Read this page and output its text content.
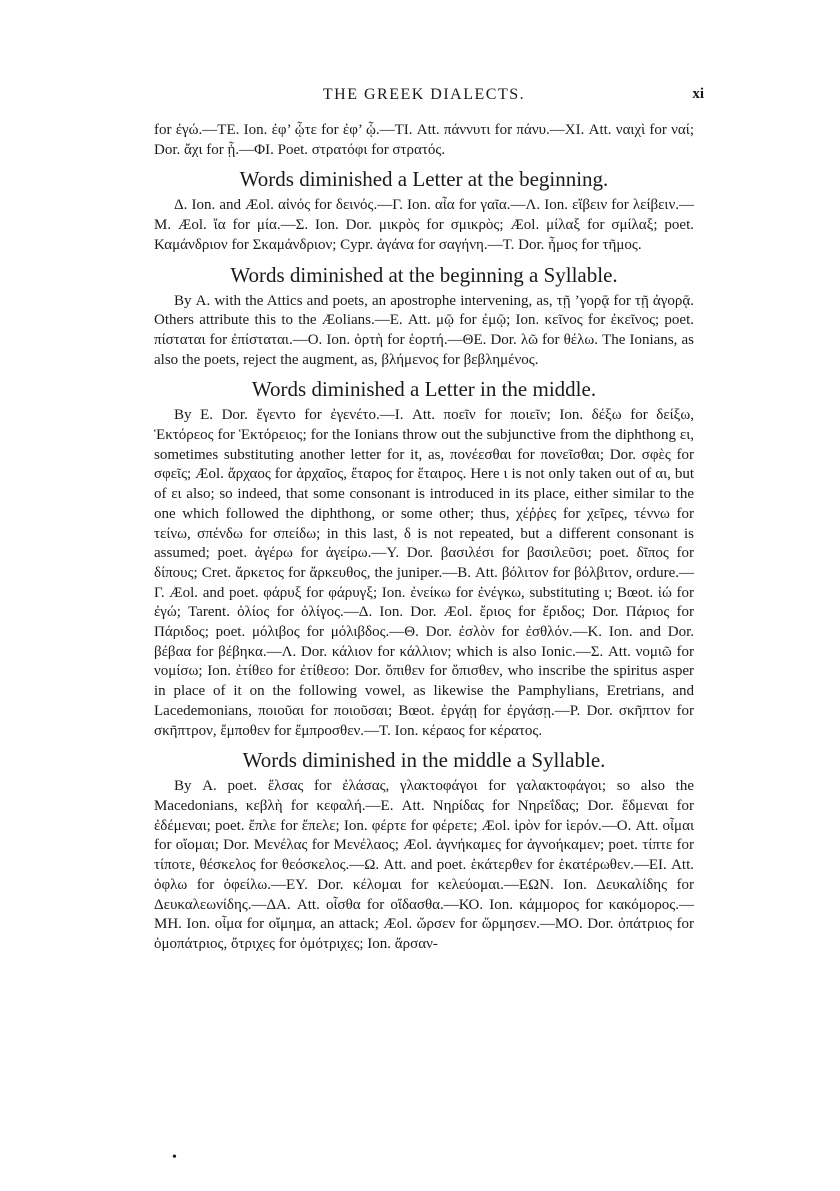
THE GREEK DIALECTS.	xi

for ἐγώ.—ΤΕ. Ion. ἐφ’ ᾧτε for ἐφ’ ᾧ.—ΤΙ. Att. πάννυτι for πάνυ.—ΧΙ. Att. ναιχὶ for ναί; Dor. ἄχι for ᾗ.—ΦΙ. Poet. στρατόφι for στρατός.

Words diminished a Letter at the beginning.

Δ. Ion. and Æol. αἰνός for δεινός.—Γ. Ion. αἶα for γαῖα.—Λ. Ion. εἴβειν for λείβειν.—Μ. Æol. ἴα for μία.—Σ. Ion. Dor. μικρὸς for σμικρὸς; Æol. μίλαξ for σμίλαξ; poet. Καμάνδριον for Σκαμάνδριον; Cypr. ἀγάνα for σαγήνη.—Τ. Dor. ἦμος for τῆμος.

Words diminished at the beginning a Syllable.

By Α. with the Attics and poets, an apostrophe intervening, as, τῇ ’γορᾷ for τῇ ἀγορᾷ. Others attribute this to the Æolians.—Ε. Att. μῷ for ἐμῷ; Ion. κεῖνος for ἐκεῖνος; poet. πίσταται for ἐπίσταται.—Ο. Ion. ὀρτὴ for ἑορτή.—ΘΕ. Dor. λῶ for θέλω. The Ionians, as also the poets, reject the augment, as, βλήμενος for βεβλημένος.

Words diminished a Letter in the middle.

By Ε. Dor. ἔγεντο for ἐγενέτο.—Ι. Att. ποεῖν for ποιεῖν; Ion. δέξω for δείξω, Ἑκτόρεος for Ἑκτόρειος; for the Ionians throw out the subjunctive from the diphthong ει, sometimes substituting another letter for it, as, πονέεσθαι for πονεῖσθαι; Dor. σφὲς for σφεῖς; Æol. ἄρχαος for ἀρχαῖος, ἔταρος for ἕταιρος. Here ι is not only taken out of αι, but of ει also; so indeed, that some consonant is introduced in its place, either similar to the one which followed the diphthong, or some other; thus, χέῤῥες for χεῖρες, τέννω for τείνω, σπένδω for σπείδω; in this last, δ is not repeated, but a different consonant is assumed; poet. ἀγέρω for ἀγείρω.—Υ. Dor. βασιλέσι for βασιλεῦσι; poet. δῖπος for δίπους; Cret. ἄρκετος for ἄρκευθος, the juniper.—Β. Att. βόλιτον for βόλβιτον, ordure.—Γ. Æol. and poet. φάρυξ for φάρυγξ; Ion. ἐνείκω for ἐνέγκω, substituting ι; Bœot. ἰώ for ἐγώ; Tarent. ὀλίος for ὀλίγος.—Δ. Ion. Dor. Æol. ἔριος for ἔριδος; Dor. Πάριος for Πάριδος; poet. μόλιβος for μόλιβδος.—Θ. Dor. ἐσλὸν for ἐσθλόν.—Κ. Ion. and Dor. βέβαα for βέβηκα.—Λ. Dor. κάλιον for κάλλιον; which is also Ionic.—Σ. Att. νομιῶ for νομίσω; Ion. ἐτίθεο for ἐτίθεσο: Dor. ὄπιθεν for ὄπισθεν, who inscribe the spiritus asper in place of it on the following vowel, as likewise the Pamphylians, Eretrians, and Lacedemonians, ποιοῦαι for ποιοῦσαι; Bœot. ἐργάῃ for ἐργάσῃ.—Ρ. Dor. σκῆπτον for σκῆπτρον, ἔμποθεν for ἔμπροσθεν.—Τ. Ion. κέραος for κέρατος.

Words diminished in the middle a Syllable.

By Α. poet. ἔλσας for ἐλάσας, γλακτοφάγοι for γαλακτοφάγοι; so also the Macedonians, κεβλὴ for κεφαλή.—Ε. Att. Νηρίδας for Νηρεΐδας; Dor. ἔδμεναι for ἐδέμεναι; poet. ἔπλε for ἔπελε; Ion. φέρτε for φέρετε; Æol. ἰρὸν for ἱερόν.—Ο. Att. οἶμαι for οἴομαι; Dor. Μενέλας for Μενέλαος; Æol. ἀγνήκαμες for ἀγνοήκαμεν; poet. τίπτε for τίποτε, θέσκελος for θεόσκελος.—Ω. Att. and poet. ἑκάτερθεν for ἑκατέρωθεν.—ΕΙ. Att. ὀφλω for ὀφείλω.—ΕΥ. Dor. κέλομαι for κελεύομαι.—ΕΩΝ. Ion. Δευκαλίδης for Δευκαλεωνίδης.—ΔΑ. Att. οἶσθα for οἴδασθα.—ΚΟ. Ion. κάμμορος for κακόμορος.—ΜΗ. Ion. οἶμα for οἴμημα, an attack; Æol. ὤρσεν for ὥρμησεν.—ΜΟ. Dor. ὀπάτριος for ὁμοπάτριος, ὄτριχες for ὁμότριχες; Ion. ἄρσαν-

•
